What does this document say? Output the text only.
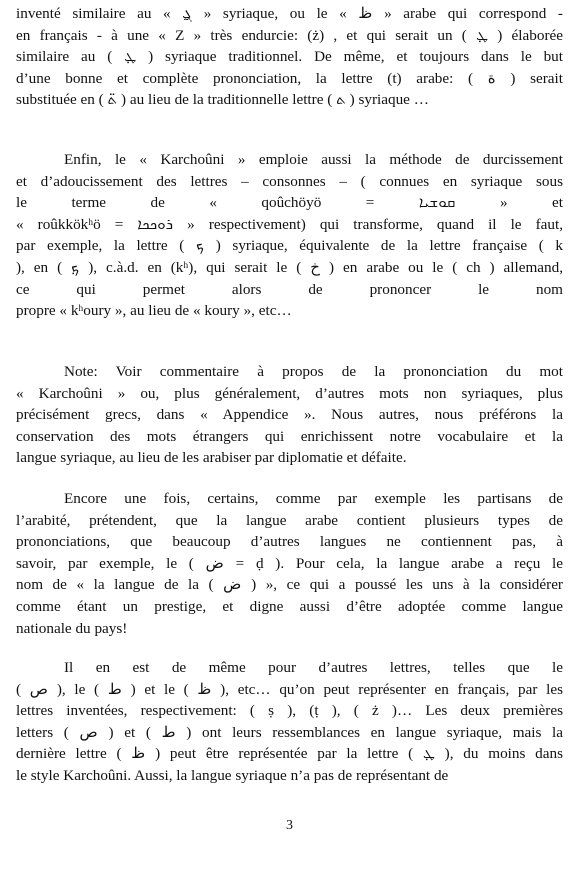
inventé similaire au « ܓ̰ » syriaque, ou le « ظ » arabe qui correspond -
en français - à une « Z » très endurcie: (ż) , et qui serait un ( ܛ̣ ) élaborée
similaire au ( ܛ̣ ) syriaque traditionnel. De même, et toujours dans le but
d’une bonne et complète prononciation, la lettre (t) arabe: ( ة ) serait
substituée en ( ܬ̈ ) au lieu de la traditionnelle lettre ( ܬ ) syriaque …
Enfin, le « Karchoûni » emploie aussi la méthode de durcissement
et d’adoucissement des lettres – consonnes – ( connues en syriaque sous
le terme de « qoûchöyö = ܩܘܫܝܐ » et
« roûkkökʰö = ܪܘܟܟܐ » respectivement) qui transforme, quand il le faut,
par exemple, la lettre ( ܟ ) syriaque, équivalente de la lettre française ( k
), en ( ܟ̣ ), c.à.d. en (kʰ), qui serait le ( خ ) en arabe ou le ( ch ) allemand,
ce qui permet alors de prononcer le nom
propre « kʰoury », au lieu de « koury », etc…
Note: Voir commentaire à propos de la prononciation du mot
« Karchoûni » ou, plus généralement, d’autres mots non syriaques, plus
précisément grecs, dans « Appendice ». Nous autres, nous préférons la
conservation des mots étrangers qui enrichissent notre vocabulaire et la
langue syriaque, au lieu de les arabiser par diplomatie et défaite.
Encore une fois, certains, comme par exemple les partisans de
l’arabité, prétendent, que la langue arabe contient plusieurs types de
prononciations, que beaucoup d’autres langues ne contiennent pas, à
savoir, par exemple, le ( ض = ḍ ). Pour cela, la langue arabe a reçu le
nom de « la langue de la ( ض ) », ce qui a poussé les uns à la considérer
comme étant un prestige, et digne aussi d’être adoptée comme langue
nationale du pays!
Il en est de même pour d’autres lettres, telles que le
( ص ), le ( ط ) et le ( ظ ), etc… qu’on peut représenter en français, par les
lettres inventées, respectivement: ( ṣ ), (ṭ ), ( ż )… Les deux premières
letters ( ص ) et ( ط ) ont leurs ressemblances en langue syriaque, mais la
dernière lettre ( ظ ) peut être représentée par la lettre ( ܛ̣ ), du moins dans
le style Karchoûni. Aussi, la langue syriaque n’a pas de représentant de
3
